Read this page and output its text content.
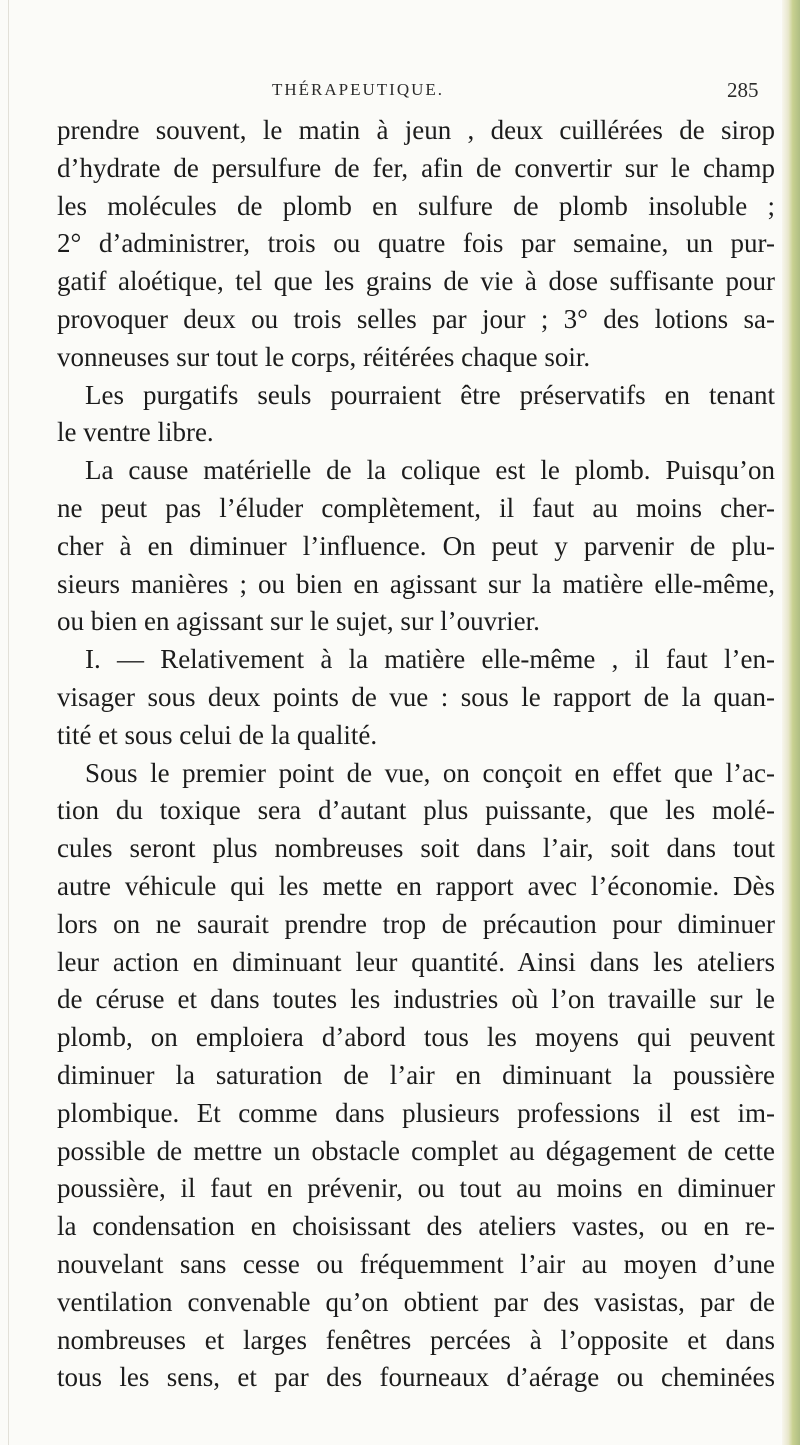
THÉRAPEUTIQUE.	285
prendre souvent, le matin à jeun , deux cuillérées de sirop
d’hydrate de persulfure de fer, afin de convertir sur le champ
les molécules de plomb en sulfure de plomb insoluble ;
2° d’administrer, trois ou quatre fois par semaine, un pur-
gatif aloétique, tel que les grains de vie à dose suffisante pour
provoquer deux ou trois selles par jour ; 3° des lotions sa-
vonneuses sur tout le corps, réitérées chaque soir.
Les purgatifs seuls pourraient être préservatifs en tenant
le ventre libre.
La cause matérielle de la colique est le plomb. Puisqu’on
ne peut pas l’éluder complètement, il faut au moins cher-
cher à en diminuer l’influence. On peut y parvenir de plu-
sieurs manières ; ou bien en agissant sur la matière elle-même,
ou bien en agissant sur le sujet, sur l’ouvrier.
I. — Relativement à la matière elle-même , il faut l’en-
visager sous deux points de vue : sous le rapport de la quan-
tité et sous celui de la qualité.
Sous le premier point de vue, on conçoit en effet que l’ac-
tion du toxique sera d’autant plus puissante, que les molé-
cules seront plus nombreuses soit dans l’air, soit dans tout
autre véhicule qui les mette en rapport avec l’économie. Dès
lors on ne saurait prendre trop de précaution pour diminuer
leur action en diminuant leur quantité. Ainsi dans les ateliers
de céruse et dans toutes les industries où l’on travaille sur le
plomb, on emploiera d’abord tous les moyens qui peuvent
diminuer la saturation de l’air en diminuant la poussière
plombique. Et comme dans plusieurs professions il est im-
possible de mettre un obstacle complet au dégagement de cette
poussière, il faut en prévenir, ou tout au moins en diminuer
la condensation en choisissant des ateliers vastes, ou en re-
nouvelant sans cesse ou fréquemment l’air au moyen d’une
ventilation convenable qu’on obtient par des vasistas, par de
nombreuses et larges fenêtres percées à l’opposite et dans
tous les sens, et par des fourneaux d’aérage ou cheminées
